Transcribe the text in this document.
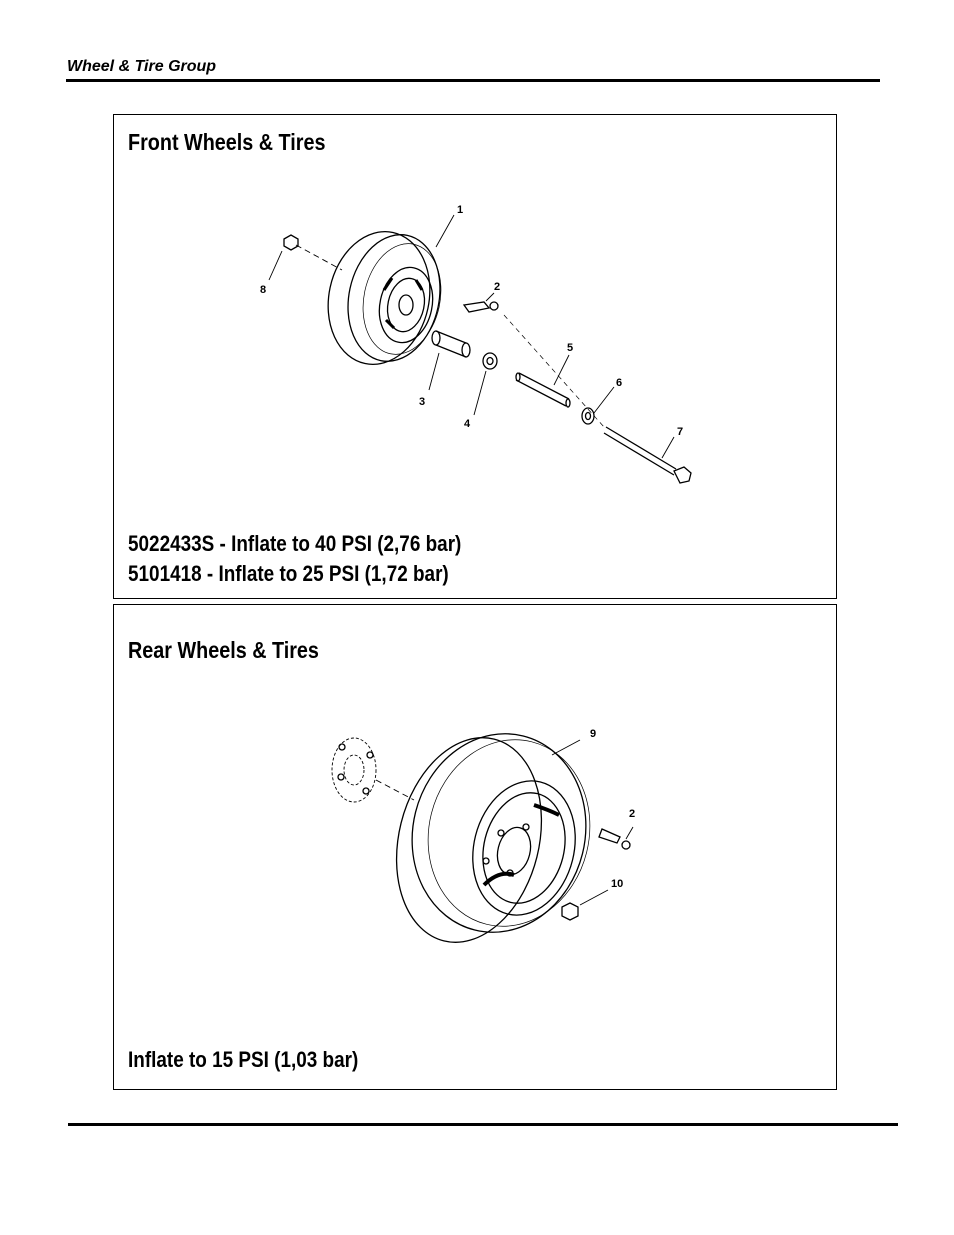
Wheel & Tire Group
Front Wheels & Tires
1
2
3
4
5
6
7
8
5022433S - Inflate to 40 PSI (2,76 bar)
5101418 - Inflate to 25 PSI (1,72 bar)
Rear Wheels & Tires
9
2
10
Inflate to 15 PSI (1,03 bar)
